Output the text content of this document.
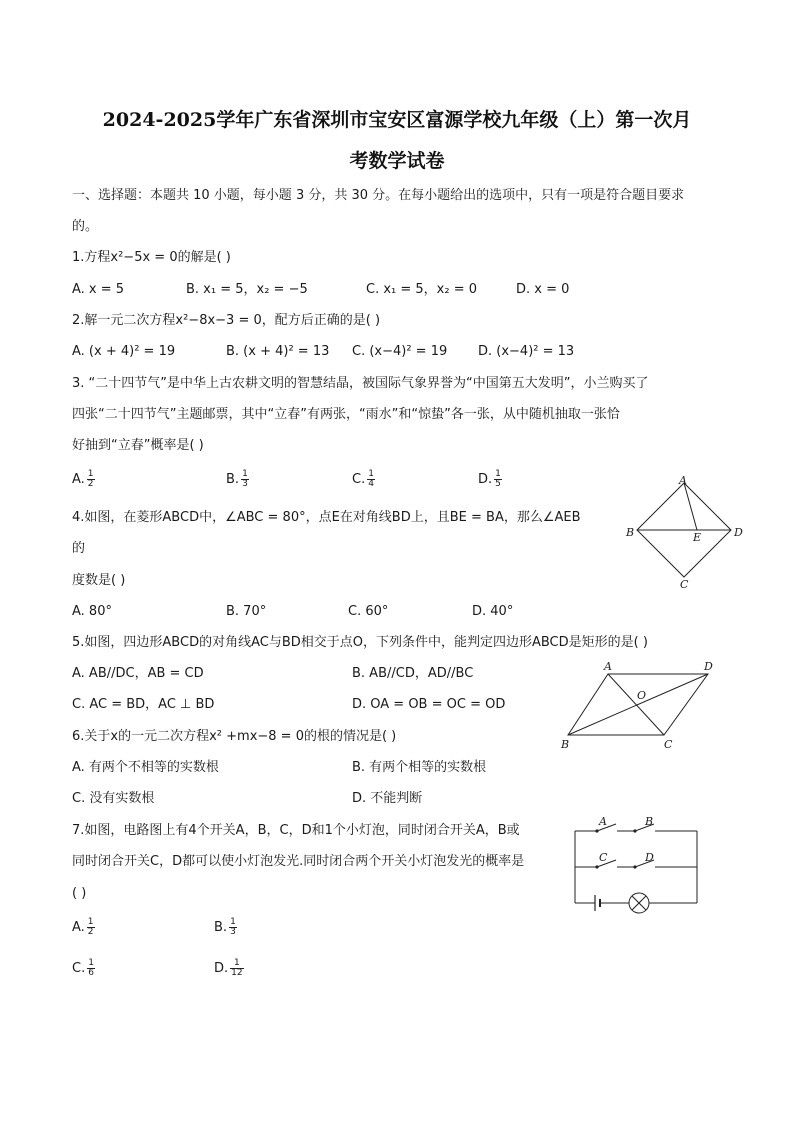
2024-2025学年广东省深圳市宝安区富源学校九年级（上）第一次月
考数学试卷
一、选择题：本题共 10 小题，每小题 3 分，共 30 分。在每小题给出的选项中，只有一项是符合题目要求
的。
1.方程x²−5x = 0的解是( )
A. x = 5	B. x₁ = 5，x₂ = −5	C. x₁ = 5，x₂ = 0	D. x = 0
2.解一元二次方程x²−8x−3 = 0，配方后正确的是( )
A. (x + 4)² = 19	B. (x + 4)² = 13 C. (x−4)² = 19 D. (x−4)² = 13
3. “二十四节气”是中华上古农耕文明的智慧结晶，被国际气象界誉为“中国第五大发明”，小兰购买了
四张“二十四节气”主题邮票，其中“立春”有两张，“雨水”和“惊蛰”各一张，从中随机抽取一张恰
好抽到“立春”概率是( )
A. $\frac{1}{2}$	B. $\frac{1}{3}$	C. $\frac{1}{4}$	D. $\frac{1}{5}$
4.如图，在菱形ABCD中，∠ABC = 80°，点E在对角线BD上，且BE = BA，那么∠AEB
的
度数是( )
A. 80°	B. 70°	C. 60°	D. 40°
A
B
C
D
E
5.如图，四边形ABCD的对角线AC与BD相交于点O，下列条件中，能判定四边形ABCD是矩形的是( )
A. AB//DC，AB = CD	B. AB//CD，AD//BC
C. AC = BD，AC ⊥ BD	D. OA = OB = OC = OD
A	D
O
B	C
6.关于x的一元二次方程x² +mx−8 = 0的根的情况是( )
A. 有两个不相等的实数根	B. 有两个相等的实数根
C. 没有实数根	D. 不能判断
7.如图，电路图上有4个开关A，B，C，D和1个小灯泡，同时闭合开关A，B或
同时闭合开关C，D都可以使小灯泡发光.同时闭合两个开关小灯泡发光的概率是
( )
A. $\frac{1}{2}$	B. $\frac{1}{3}$
C. $\frac{1}{6}$	D. $\frac{1}{12}$
A	B
C	D
